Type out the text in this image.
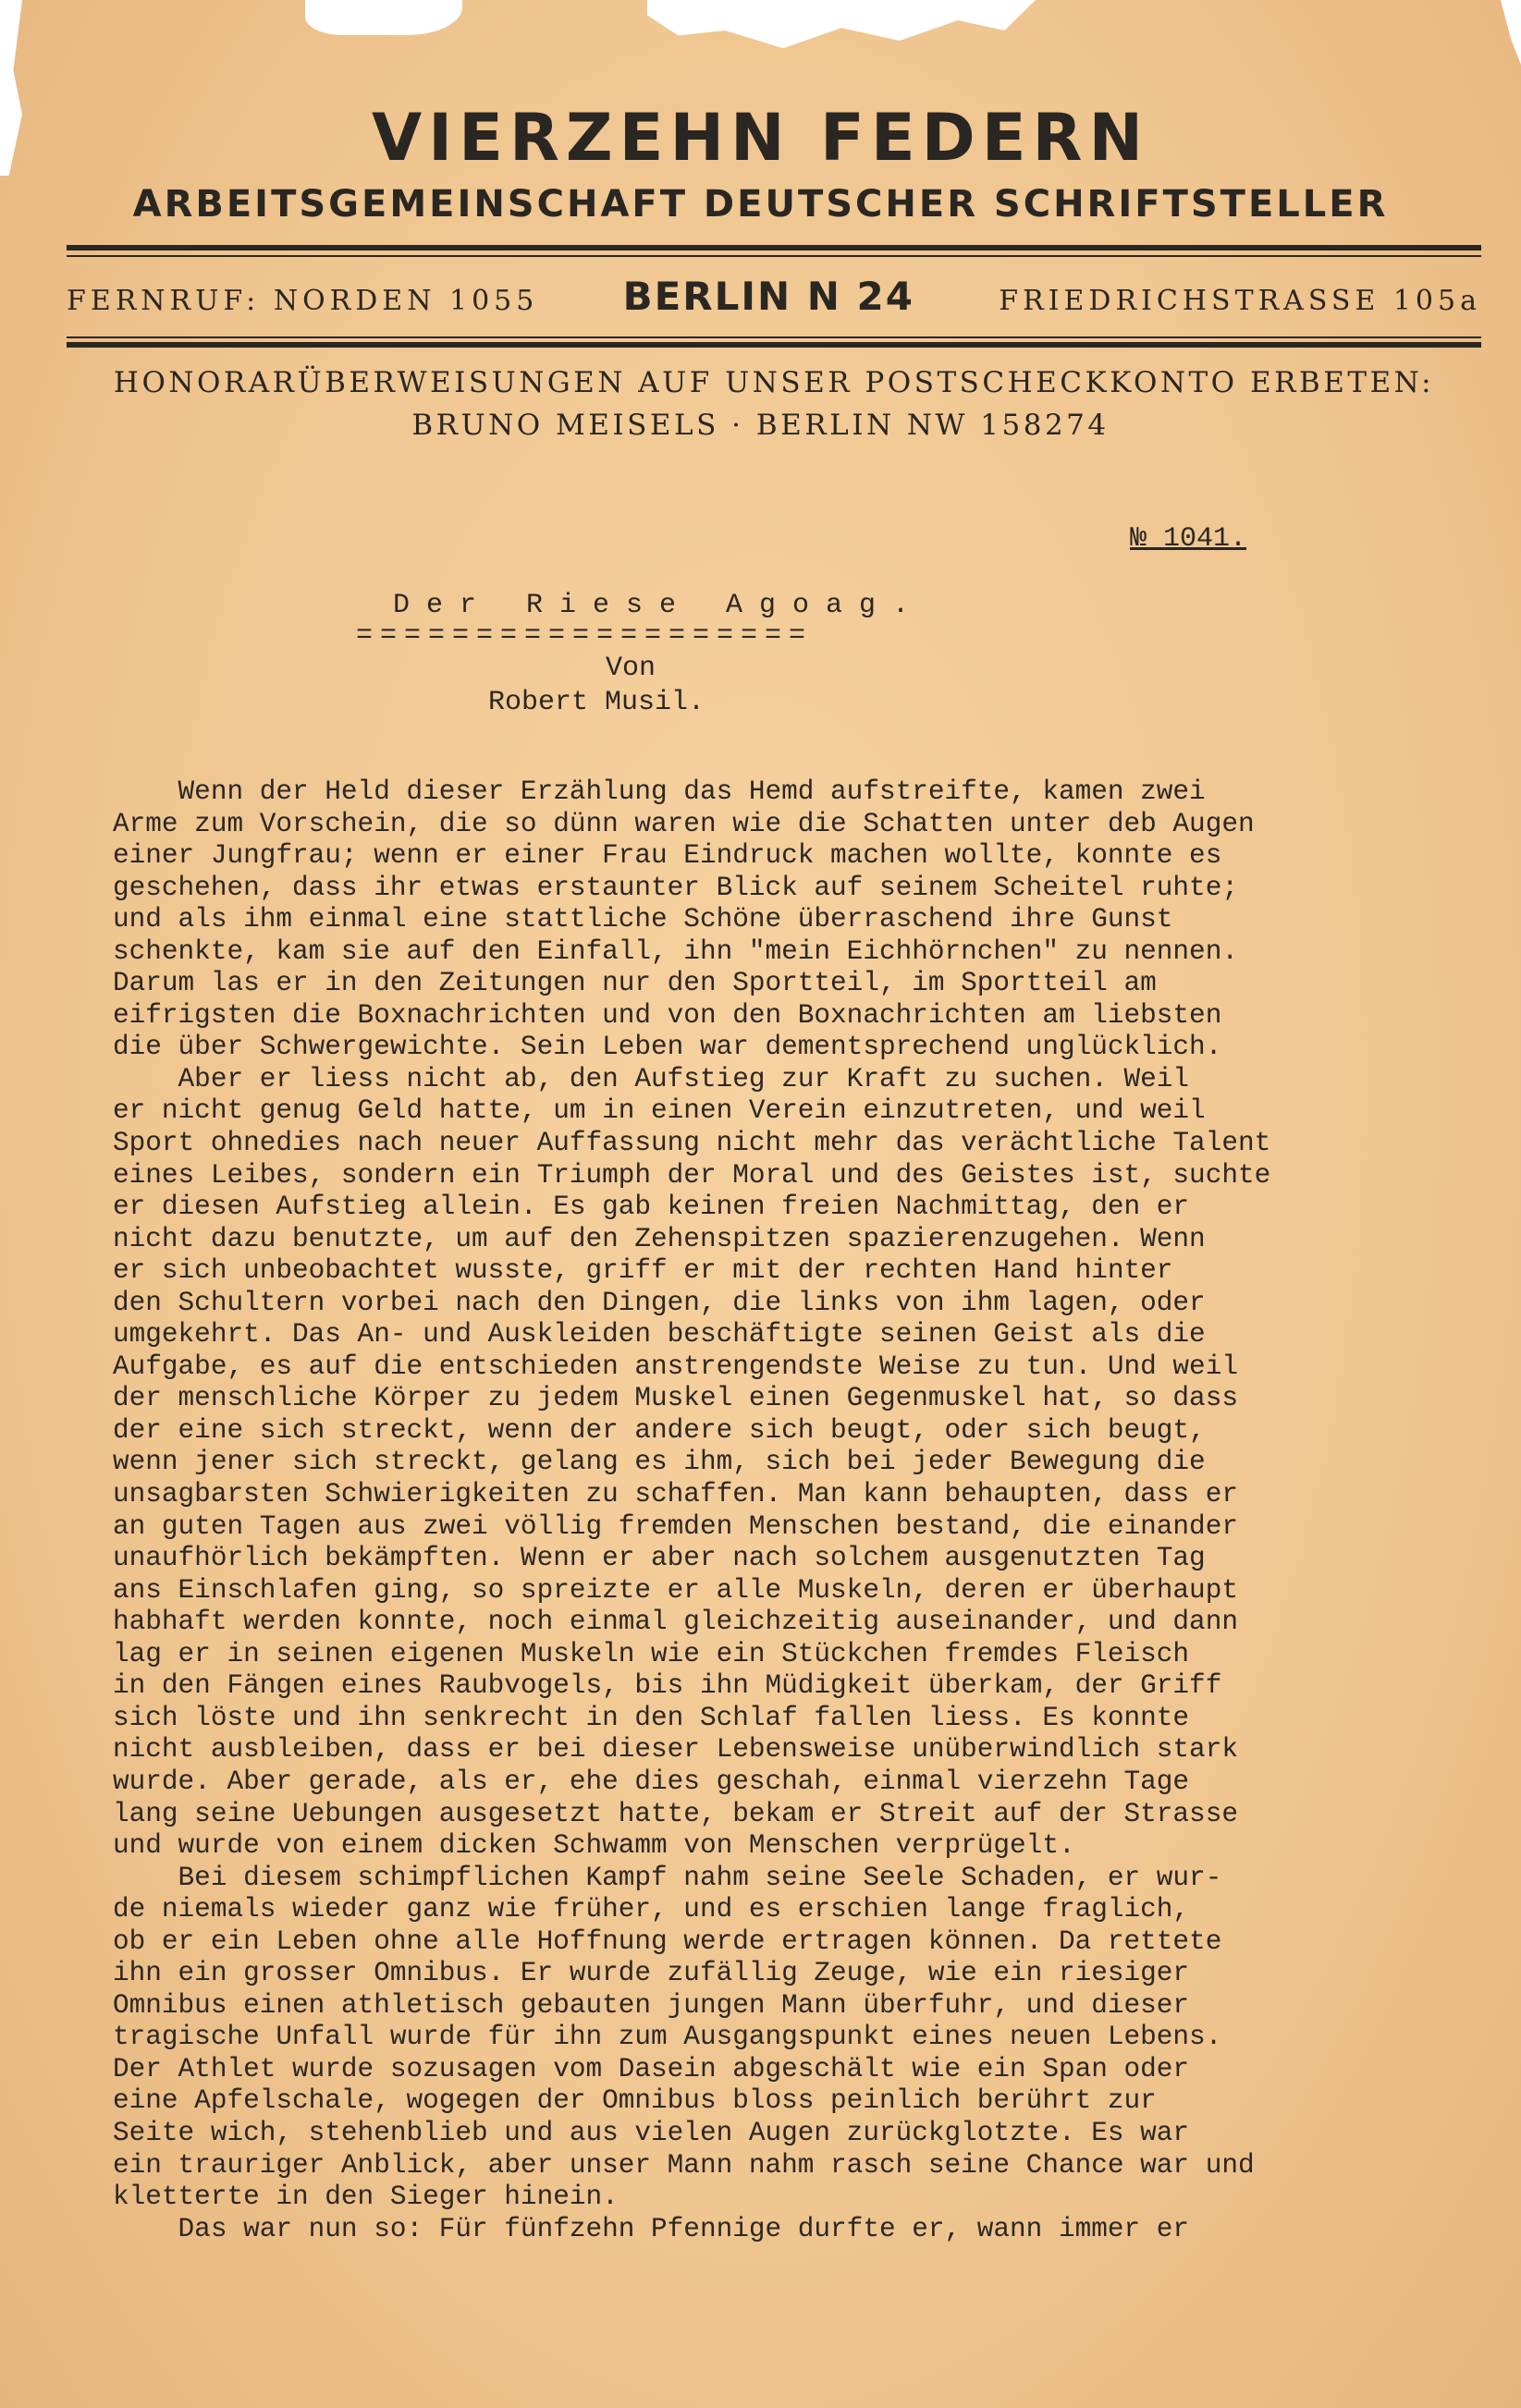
VIERZEHN FEDERN
ARBEITSGEMEINSCHAFT DEUTSCHER SCHRIFTSTELLER
FERNRUF: NORDEN 1055 BERLIN N 24	FRIEDRICHSTRASSE 105a
HONORARÜBERWEISUNGEN AUF UNSER POSTSCHECKKONTO ERBETEN:
BRUNO MEISELS · BERLIN NW 158274
№ 1041.
Der Riese Agoag.
===================
Von
Robert Musil.
Wenn der Held dieser Erzählung das Hemd aufstreifte, kamen zwei
Arme zum Vorschein, die so dünn waren wie die Schatten unter deb Augen
einer Jungfrau; wenn er einer Frau Eindruck machen wollte, konnte es
geschehen, dass ihr etwas erstaunter Blick auf seinem Scheitel ruhte;
und als ihm einmal eine stattliche Schöne überraschend ihre Gunst
schenkte, kam sie auf den Einfall, ihn "mein Eichhörnchen" zu nennen.
Darum las er in den Zeitungen nur den Sportteil, im Sportteil am
eifrigsten die Boxnachrichten und von den Boxnachrichten am liebsten
die über Schwergewichte. Sein Leben war dementsprechend unglücklich.
Aber er liess nicht ab, den Aufstieg zur Kraft zu suchen. Weil
er nicht genug Geld hatte, um in einen Verein einzutreten, und weil
Sport ohnedies nach neuer Auffassung nicht mehr das verächtliche Talent
eines Leibes, sondern ein Triumph der Moral und des Geistes ist, suchte
er diesen Aufstieg allein. Es gab keinen freien Nachmittag, den er
nicht dazu benutzte, um auf den Zehenspitzen spazierenzugehen. Wenn
er sich unbeobachtet wusste, griff er mit der rechten Hand hinter
den Schultern vorbei nach den Dingen, die links von ihm lagen, oder
umgekehrt. Das An- und Auskleiden beschäftigte seinen Geist als die
Aufgabe, es auf die entschieden anstrengendste Weise zu tun. Und weil
der menschliche Körper zu jedem Muskel einen Gegenmuskel hat, so dass
der eine sich streckt, wenn der andere sich beugt, oder sich beugt,
wenn jener sich streckt, gelang es ihm, sich bei jeder Bewegung die
unsagbarsten Schwierigkeiten zu schaffen. Man kann behaupten, dass er
an guten Tagen aus zwei völlig fremden Menschen bestand, die einander
unaufhörlich bekämpften. Wenn er aber nach solchem ausgenutzten Tag
ans Einschlafen ging, so spreizte er alle Muskeln, deren er überhaupt
habhaft werden konnte, noch einmal gleichzeitig auseinander, und dann
lag er in seinen eigenen Muskeln wie ein Stückchen fremdes Fleisch
in den Fängen eines Raubvogels, bis ihn Müdigkeit überkam, der Griff
sich löste und ihn senkrecht in den Schlaf fallen liess. Es konnte
nicht ausbleiben, dass er bei dieser Lebensweise unüberwindlich stark
wurde. Aber gerade, als er, ehe dies geschah, einmal vierzehn Tage
lang seine Uebungen ausgesetzt hatte, bekam er Streit auf der Strasse
und wurde von einem dicken Schwamm von Menschen verprügelt.
Bei diesem schimpflichen Kampf nahm seine Seele Schaden, er wur-
de niemals wieder ganz wie früher, und es erschien lange fraglich,
ob er ein Leben ohne alle Hoffnung werde ertragen können. Da rettete
ihn ein grosser Omnibus. Er wurde zufällig Zeuge, wie ein riesiger
Omnibus einen athletisch gebauten jungen Mann überfuhr, und dieser
tragische Unfall wurde für ihn zum Ausgangspunkt eines neuen Lebens.
Der Athlet wurde sozusagen vom Dasein abgeschält wie ein Span oder
eine Apfelschale, wogegen der Omnibus bloss peinlich berührt zur
Seite wich, stehenblieb und aus vielen Augen zurückglotzte. Es war
ein trauriger Anblick, aber unser Mann nahm rasch seine Chance war und
kletterte in den Sieger hinein.
Das war nun so: Für fünfzehn Pfennige durfte er, wann immer er
